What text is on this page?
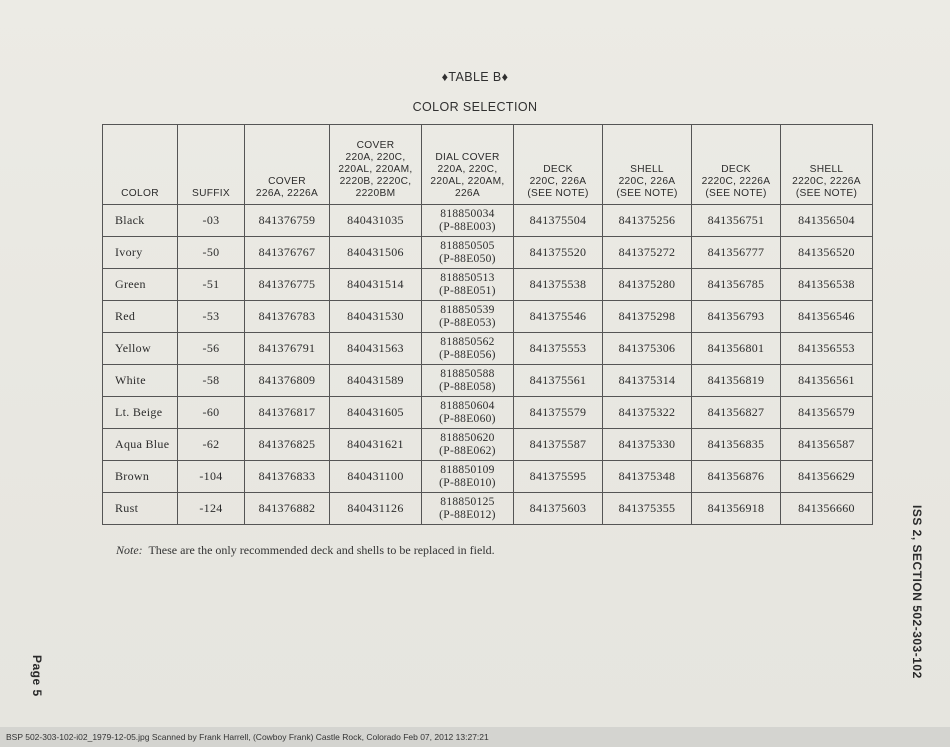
♦TABLE B♦
COLOR SELECTION
COLOR	SUFFIX	COVER
226A, 2226A	COVER
220A, 220C,
220AL, 220AM,
2220B, 2220C,
2220BM	DIAL COVER
220A, 220C,
220AL, 220AM,
226A	DECK
220C, 226A
(SEE NOTE)	SHELL
220C, 226A
(SEE NOTE)	DECK
2220C, 2226A
(SEE NOTE)	SHELL
2220C, 2226A
(SEE NOTE)
Black	-03	841376759	840431035	818850034
(P-88E003)	841375504	841375256	841356751	841356504
Ivory	-50	841376767	840431506	818850505
(P-88E050)	841375520	841375272	841356777	841356520
Green	-51	841376775	840431514	818850513
(P-88E051)	841375538	841375280	841356785	841356538
Red	-53	841376783	840431530	818850539
(P-88E053)	841375546	841375298	841356793	841356546
Yellow	-56	841376791	840431563	818850562
(P-88E056)	841375553	841375306	841356801	841356553
White	-58	841376809	840431589	818850588
(P-88E058)	841375561	841375314	841356819	841356561
Lt. Beige	-60	841376817	840431605	818850604
(P-88E060)	841375579	841375322	841356827	841356579
Aqua Blue	-62	841376825	840431621	818850620
(P-88E062)	841375587	841375330	841356835	841356587
Brown	-104	841376833	840431100	818850109
(P-88E010)	841375595	841375348	841356876	841356629
Rust	-124	841376882	840431126	818850125
(P-88E012)	841375603	841375355	841356918	841356660
Note: These are the only recommended deck and shells to be replaced in field.	ISS 2, SECTION 502-303-102
Page 5
BSP 502-303-102-i02_1979-12-05.jpg Scanned by Frank Harrell, (Cowboy Frank) Castle Rock, Colorado Feb 07, 2012 13:27:21
